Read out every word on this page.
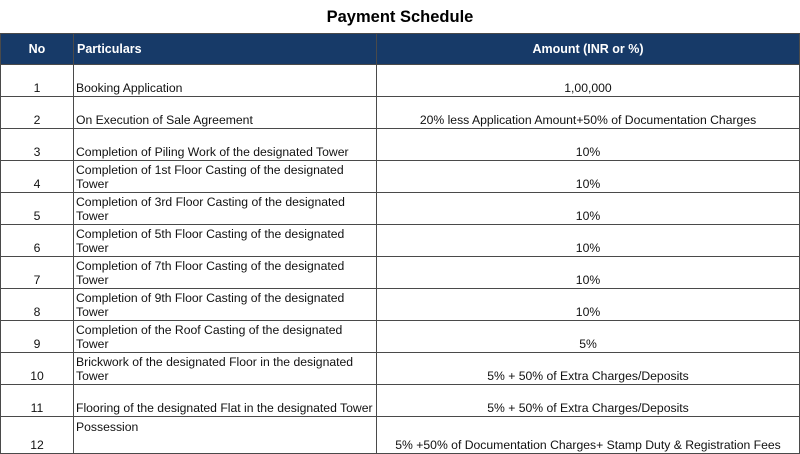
Payment Schedule
No	Particulars	Amount (INR or %)
1	Booking Application	1,00,000
2	On Execution of Sale Agreement	20% less Application Amount+50% of Documentation Charges
3	Completion of Piling Work of the designated Tower	10%
4	Completion of 1st Floor Casting of the designated Tower	10%
5	Completion of 3rd Floor Casting of the designated Tower	10%
6	Completion of 5th Floor Casting of the designated Tower	10%
7	Completion of 7th Floor Casting of the designated Tower	10%
8	Completion of 9th Floor Casting of the designated Tower	10%
9	Completion of the Roof Casting of the designated Tower	5%
10	Brickwork of the designated Floor in the designated Tower	5% + 50% of Extra Charges/Deposits
11	Flooring of the designated Flat in the designated Tower	5% + 50% of Extra Charges/Deposits
12	Possession	5% +50% of Documentation Charges+ Stamp Duty & Registration Fees
